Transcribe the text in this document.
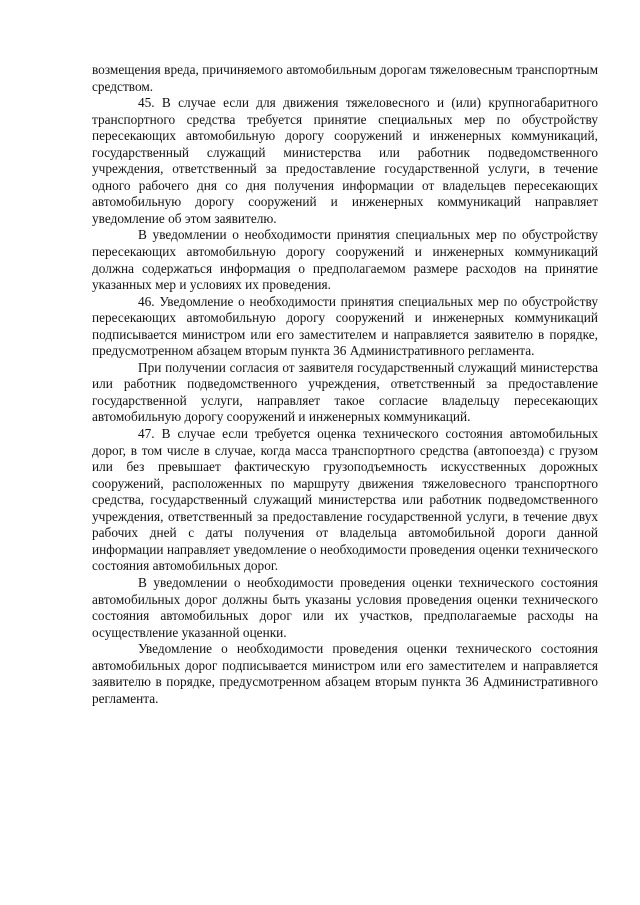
возмещения вреда, причиняемого автомобильным дорогам тяжеловесным транспортным средством.

45. В случае если для движения тяжеловесного и (или) крупногабаритного транспортного средства требуется принятие специальных мер по обустройству пересекающих автомобильную дорогу сооружений и инженерных коммуникаций, государственный служащий министерства или работник подведомственного учреждения, ответственный за предоставление государственной услуги, в течение одного рабочего дня со дня получения информации от владельцев пересекающих автомобильную дорогу сооружений и инженерных коммуникаций направляет уведомление об этом заявителю.

В уведомлении о необходимости принятия специальных мер по обустройству пересекающих автомобильную дорогу сооружений и инженерных коммуникаций должна содержаться информация о предполагаемом размере расходов на принятие указанных мер и условиях их проведения.

46. Уведомление о необходимости принятия специальных мер по обустройству пересекающих автомобильную дорогу сооружений и инженерных коммуникаций подписывается министром или его заместителем и направляется заявителю в порядке, предусмотренном абзацем вторым пункта 36 Административного регламента.

При получении согласия от заявителя государственный служащий министерства или работник подведомственного учреждения, ответственный за предоставление государственной услуги, направляет такое согласие владельцу пересекающих автомобильную дорогу сооружений и инженерных коммуникаций.

47. В случае если требуется оценка технического состояния автомобильных дорог, в том числе в случае, когда масса транспортного средства (автопоезда) с грузом или без превышает фактическую грузоподъемность искусственных дорожных сооружений, расположенных по маршруту движения тяжеловесного транспортного средства, государственный служащий министерства или работник подведомственного учреждения, ответственный за предоставление государственной услуги, в течение двух рабочих дней с даты получения от владельца автомобильной дороги данной информации направляет уведомление о необходимости проведения оценки технического состояния автомобильных дорог.

В уведомлении о необходимости проведения оценки технического состояния автомобильных дорог должны быть указаны условия проведения оценки технического состояния автомобильных дорог или их участков, предполагаемые расходы на осуществление указанной оценки.

Уведомление о необходимости проведения оценки технического состояния автомобильных дорог подписывается министром или его заместителем и направляется заявителю в порядке, предусмотренном абзацем вторым пункта 36 Административного регламента.
